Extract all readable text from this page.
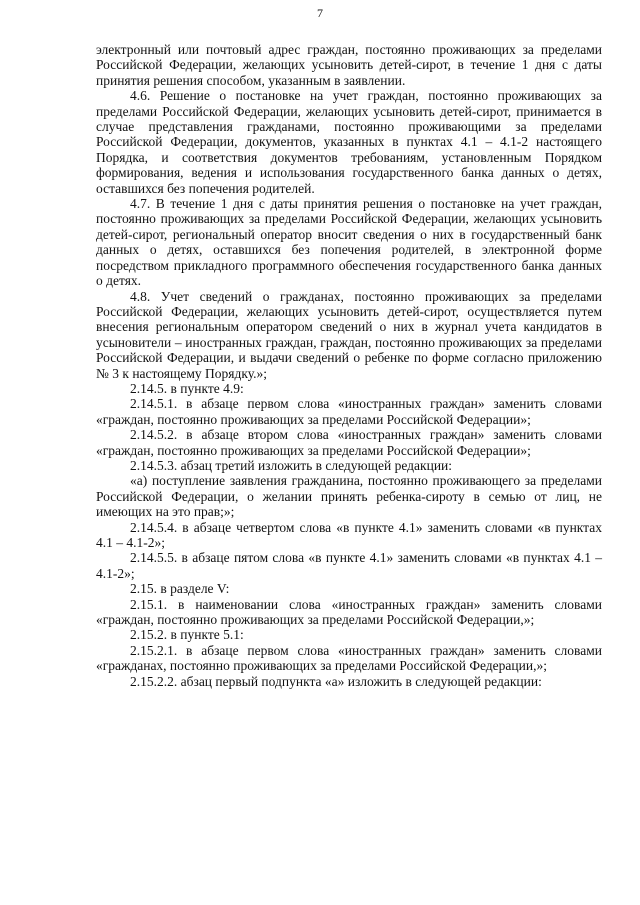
7

электронный или почтовый адрес граждан, постоянно проживающих за пределами Российской Федерации, желающих усыновить детей-сирот, в течение 1 дня с даты принятия решения способом, указанным в заявлении.

4.6. Решение о постановке на учет граждан, постоянно проживающих за пределами Российской Федерации, желающих усыновить детей-сирот, принимается в случае представления гражданами, постоянно проживающими за пределами Российской Федерации, документов, указанных в пунктах 4.1 – 4.1-2 настоящего Порядка, и соответствия документов требованиям, установленным Порядком формирования, ведения и использования государственного банка данных о детях, оставшихся без попечения родителей.

4.7. В течение 1 дня с даты принятия решения о постановке на учет граждан, постоянно проживающих за пределами Российской Федерации, желающих усыновить детей-сирот, региональный оператор вносит сведения о них в государственный банк данных о детях, оставшихся без попечения родителей, в электронной форме посредством прикладного программного обеспечения государственного банка данных о детях.

4.8. Учет сведений о гражданах, постоянно проживающих за пределами Российской Федерации, желающих усыновить детей-сирот, осуществляется путем внесения региональным оператором сведений о них в журнал учета кандидатов в усыновители – иностранных граждан, граждан, постоянно проживающих за пределами Российской Федерации, и выдачи сведений о ребенке по форме согласно приложению № 3 к настоящему Порядку.»;

2.14.5. в пункте 4.9:

2.14.5.1. в абзаце первом слова «иностранных граждан» заменить словами «граждан, постоянно проживающих за пределами Российской Федерации»;

2.14.5.2. в абзаце втором слова «иностранных граждан» заменить словами «граждан, постоянно проживающих за пределами Российской Федерации»;

2.14.5.3. абзац третий изложить в следующей редакции:

«а) поступление заявления гражданина, постоянно проживающего за пределами Российской Федерации, о желании принять ребенка-сироту в семью от лиц, не имеющих на это прав;»;

2.14.5.4. в абзаце четвертом слова «в пункте 4.1» заменить словами «в пунктах 4.1 – 4.1-2»;

2.14.5.5. в абзаце пятом слова «в пункте 4.1» заменить словами «в пунктах 4.1 – 4.1-2»;

2.15. в разделе V:

2.15.1. в наименовании слова «иностранных граждан» заменить словами «граждан, постоянно проживающих за пределами Российской Федерации,»;

2.15.2. в пункте 5.1:

2.15.2.1. в абзаце первом слова «иностранных граждан» заменить словами «гражданах, постоянно проживающих за пределами Российской Федерации,»;

2.15.2.2. абзац первый подпункта «а» изложить в следующей редакции:
